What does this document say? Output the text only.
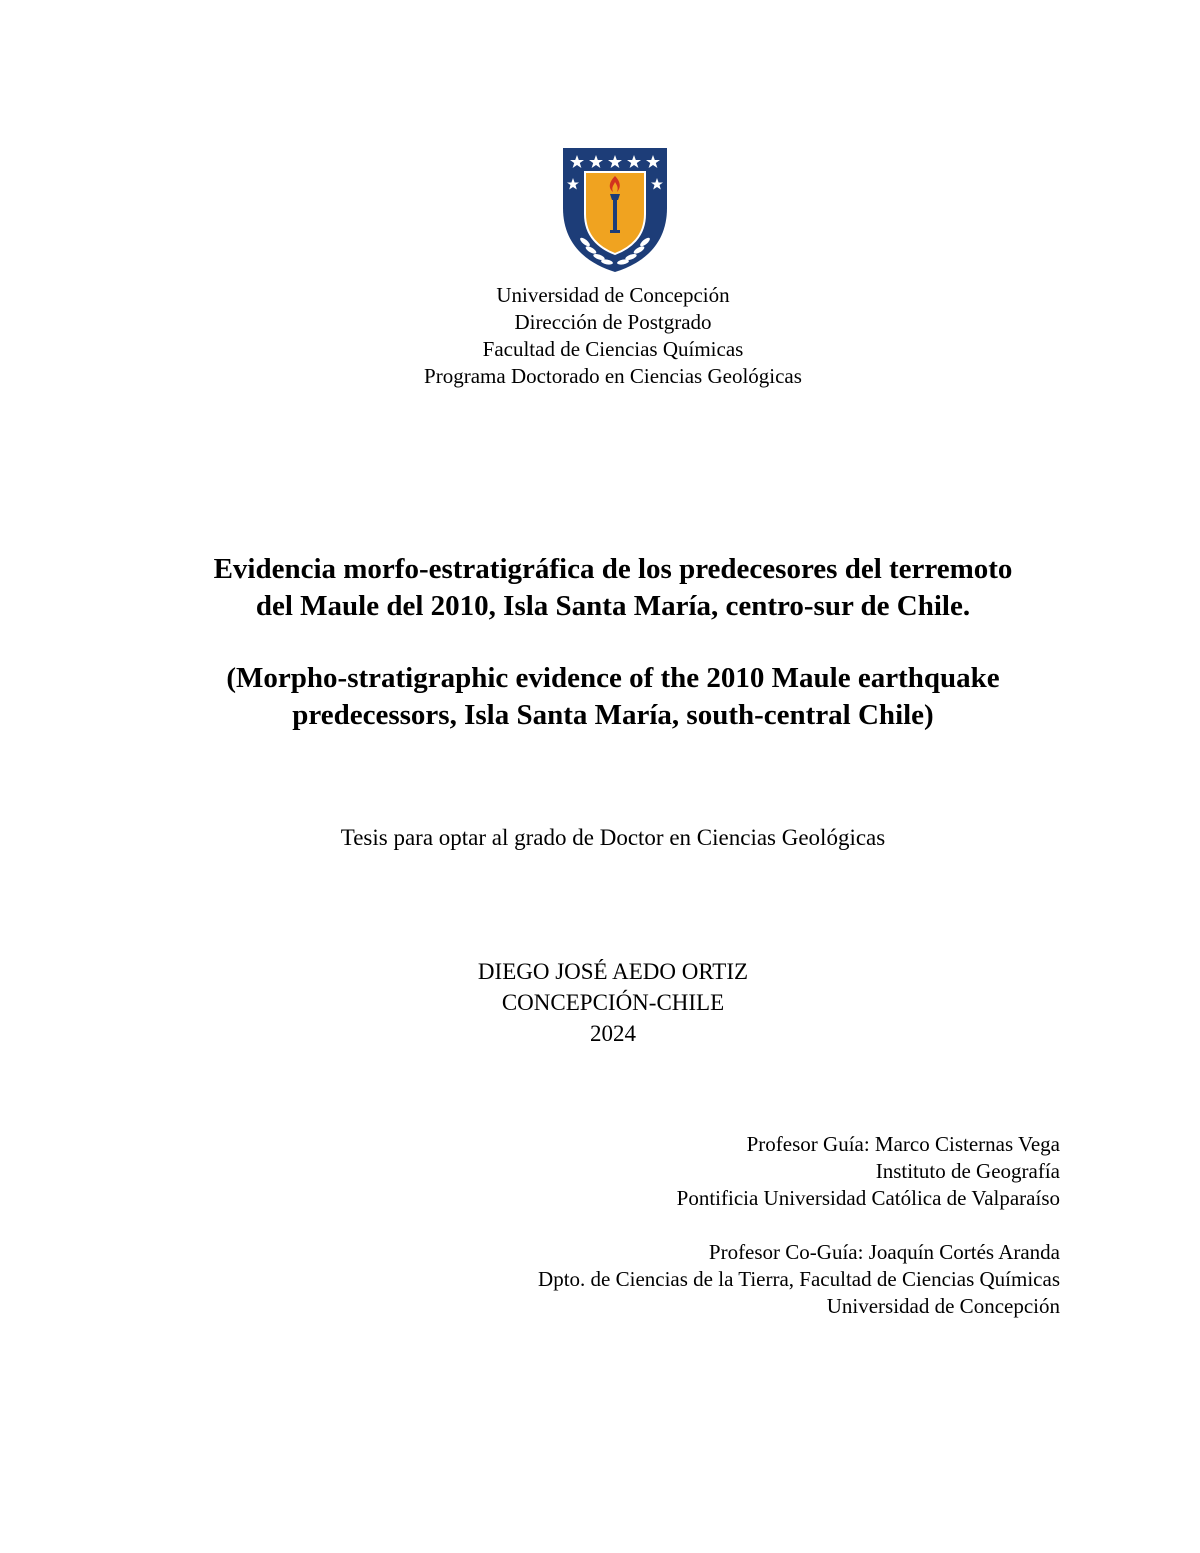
Universidad de Concepción
Dirección de Postgrado
Facultad de Ciencias Químicas
Programa Doctorado en Ciencias Geológicas
Evidencia morfo-estratigráfica de los predecesores del terremoto
del Maule del 2010, Isla Santa María, centro-sur de Chile.
(Morpho-stratigraphic evidence of the 2010 Maule earthquake
predecessors, Isla Santa María, south-central Chile)
Tesis para optar al grado de Doctor en Ciencias Geológicas
DIEGO JOSÉ AEDO ORTIZ
CONCEPCIÓN-CHILE
2024
Profesor Guía: Marco Cisternas Vega
Instituto de Geografía
Pontificia Universidad Católica de Valparaíso
Profesor Co-Guía: Joaquín Cortés Aranda
Dpto. de Ciencias de la Tierra, Facultad de Ciencias Químicas
Universidad de Concepción
